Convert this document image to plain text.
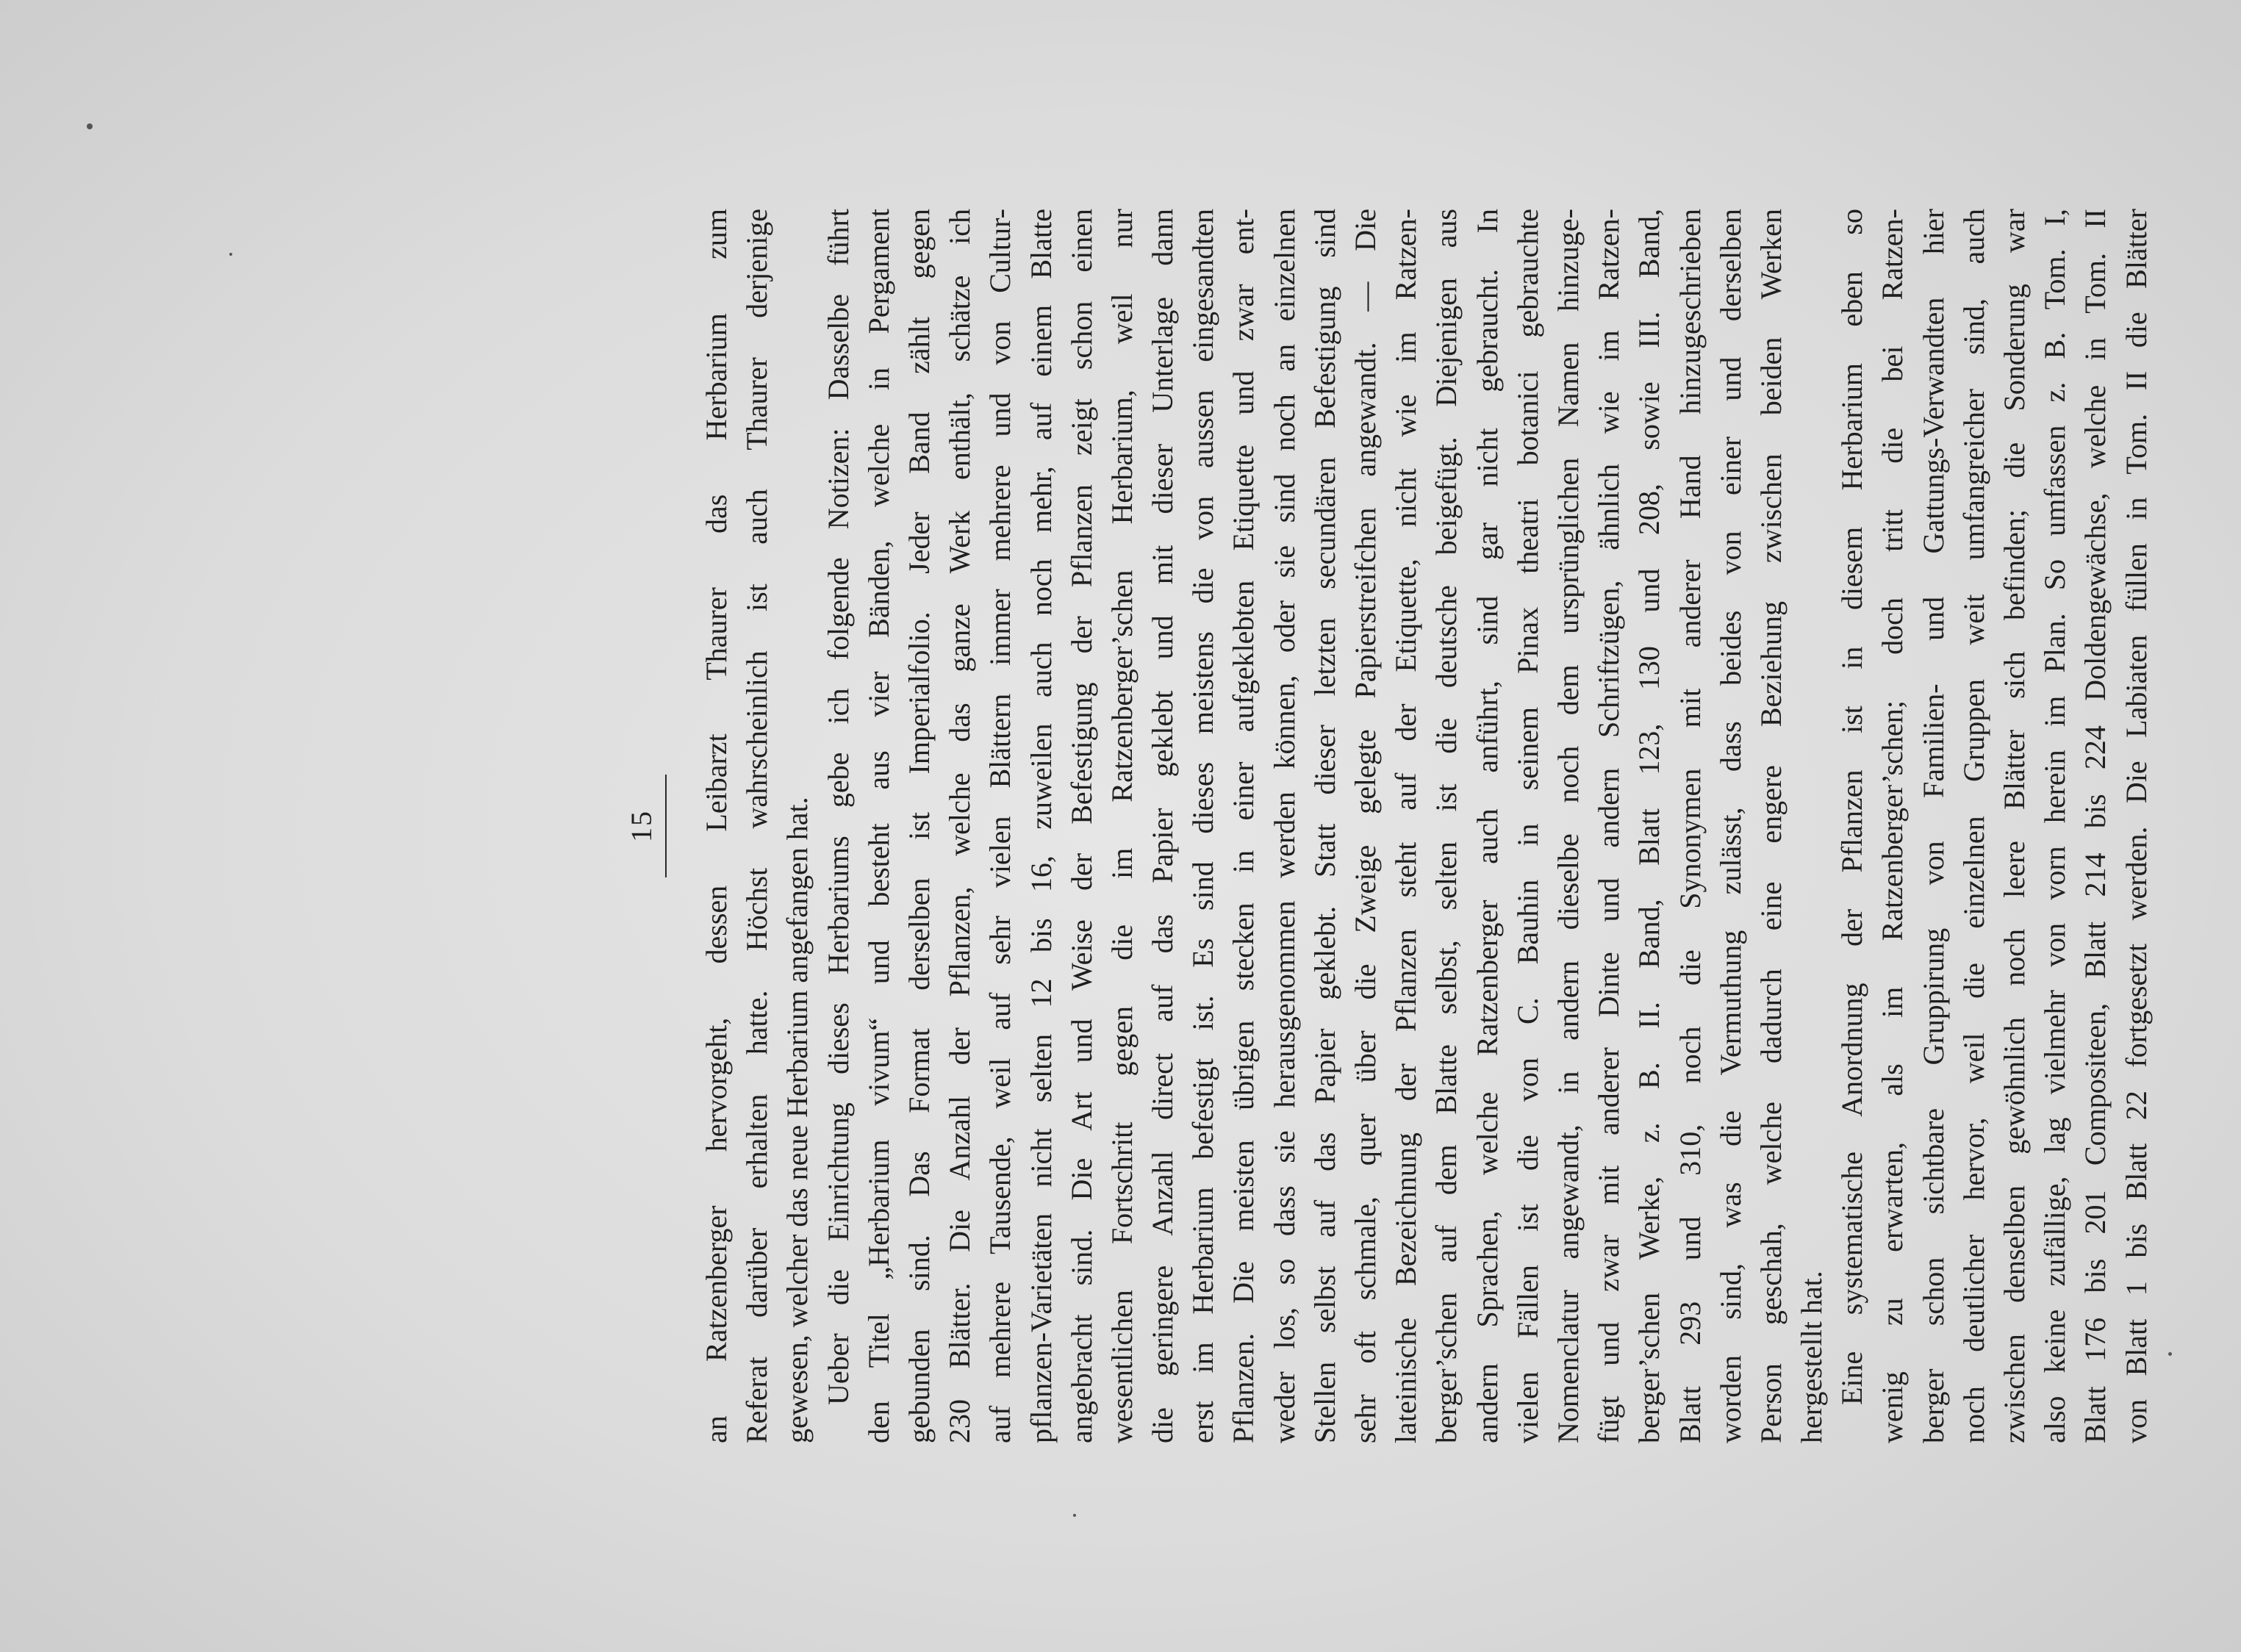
15 an Ratzenberger hervorgeht, dessen Leibarzt Thaurer das Herbarium zum Referat darüber erhalten hatte. Höchst wahrscheinlich ist auch Thaurer derjenige gewesen, welcher das neue Herbarium angefangen hat. Ueber die Einrichtung dieses Herbariums gebe ich folgende Notizen: Dasselbe führt den Titel „Herbarium vivum“ und besteht aus vier Bänden, welche in Pergament gebunden sind. Das Format derselben ist Imperialfolio. Jeder Band zählt gegen 230 Blätter. Die Anzahl der Pflanzen, welche das ganze Werk enthält, schätze ich auf mehrere Tausende, weil auf sehr vielen Blättern immer mehrere und von Cultur- pflanzen-Varietäten nicht selten 12 bis 16, zuweilen auch noch mehr, auf einem Blatte angebracht sind. Die Art und Weise der Befestigung der Pflanzen zeigt schon einen wesentlichen Fortschritt gegen die im Ratzenberger’schen Herbarium, weil nur die geringere Anzahl direct auf das Papier geklebt und mit dieser Unterlage dann erst im Herbarium befestigt ist. Es sind dieses meistens die von aussen eingesandten Pflanzen. Die meisten übrigen stecken in einer aufgeklebten Etiquette und zwar ent- weder los, so dass sie herausgenommen werden können, oder sie sind noch an einzelnen Stellen selbst auf das Papier geklebt. Statt dieser letzten secundären Befestigung sind sehr oft schmale, quer über die Zweige gelegte Papierstreifchen angewandt. — Die lateinische Bezeichnung der Pflanzen steht auf der Etiquette, nicht wie im Ratzen- berger’schen auf dem Blatte selbst, selten ist die deutsche beigefügt. Diejenigen aus andern Sprachen, welche Ratzenberger auch anführt, sind gar nicht gebraucht. In vielen Fällen ist die von C. Bauhin in seinem Pinax theatri botanici gebrauchte Nomenclatur angewandt, in andern dieselbe noch dem ursprünglichen Namen hinzuge- fügt und zwar mit anderer Dinte und andern Schriftzügen, ähnlich wie im Ratzen- berger’schen Werke, z. B. II. Band, Blatt 123, 130 und 208, sowie III. Band, Blatt 293 und 310, noch die Synonymen mit anderer Hand hinzugeschrieben worden sind, was die Vermuthung zulässt, dass beides von einer und derselben Person geschah, welche dadurch eine engere Beziehung zwischen beiden Werken hergestellt hat. Eine systematische Anordnung der Pflanzen ist in diesem Herbarium eben so wenig zu erwarten, als im Ratzenberger’schen; doch tritt die bei Ratzen- berger schon sichtbare Gruppirung von Familien- und Gattungs-Verwandten hier noch deutlicher hervor, weil die einzelnen Gruppen weit umfangreicher sind, auch zwischen denselben gewöhnlich noch leere Blätter sich befinden; die Sonderung war also keine zufällige, lag vielmehr von vorn herein im Plan. So umfassen z. B. Tom. I, Blatt 176 bis 201 Compositeen, Blatt 214 bis 224 Doldengewächse, welche in Tom. II von Blatt 1 bis Blatt 22 fortgesetzt werden. Die Labiaten füllen in Tom. II die Blätter
